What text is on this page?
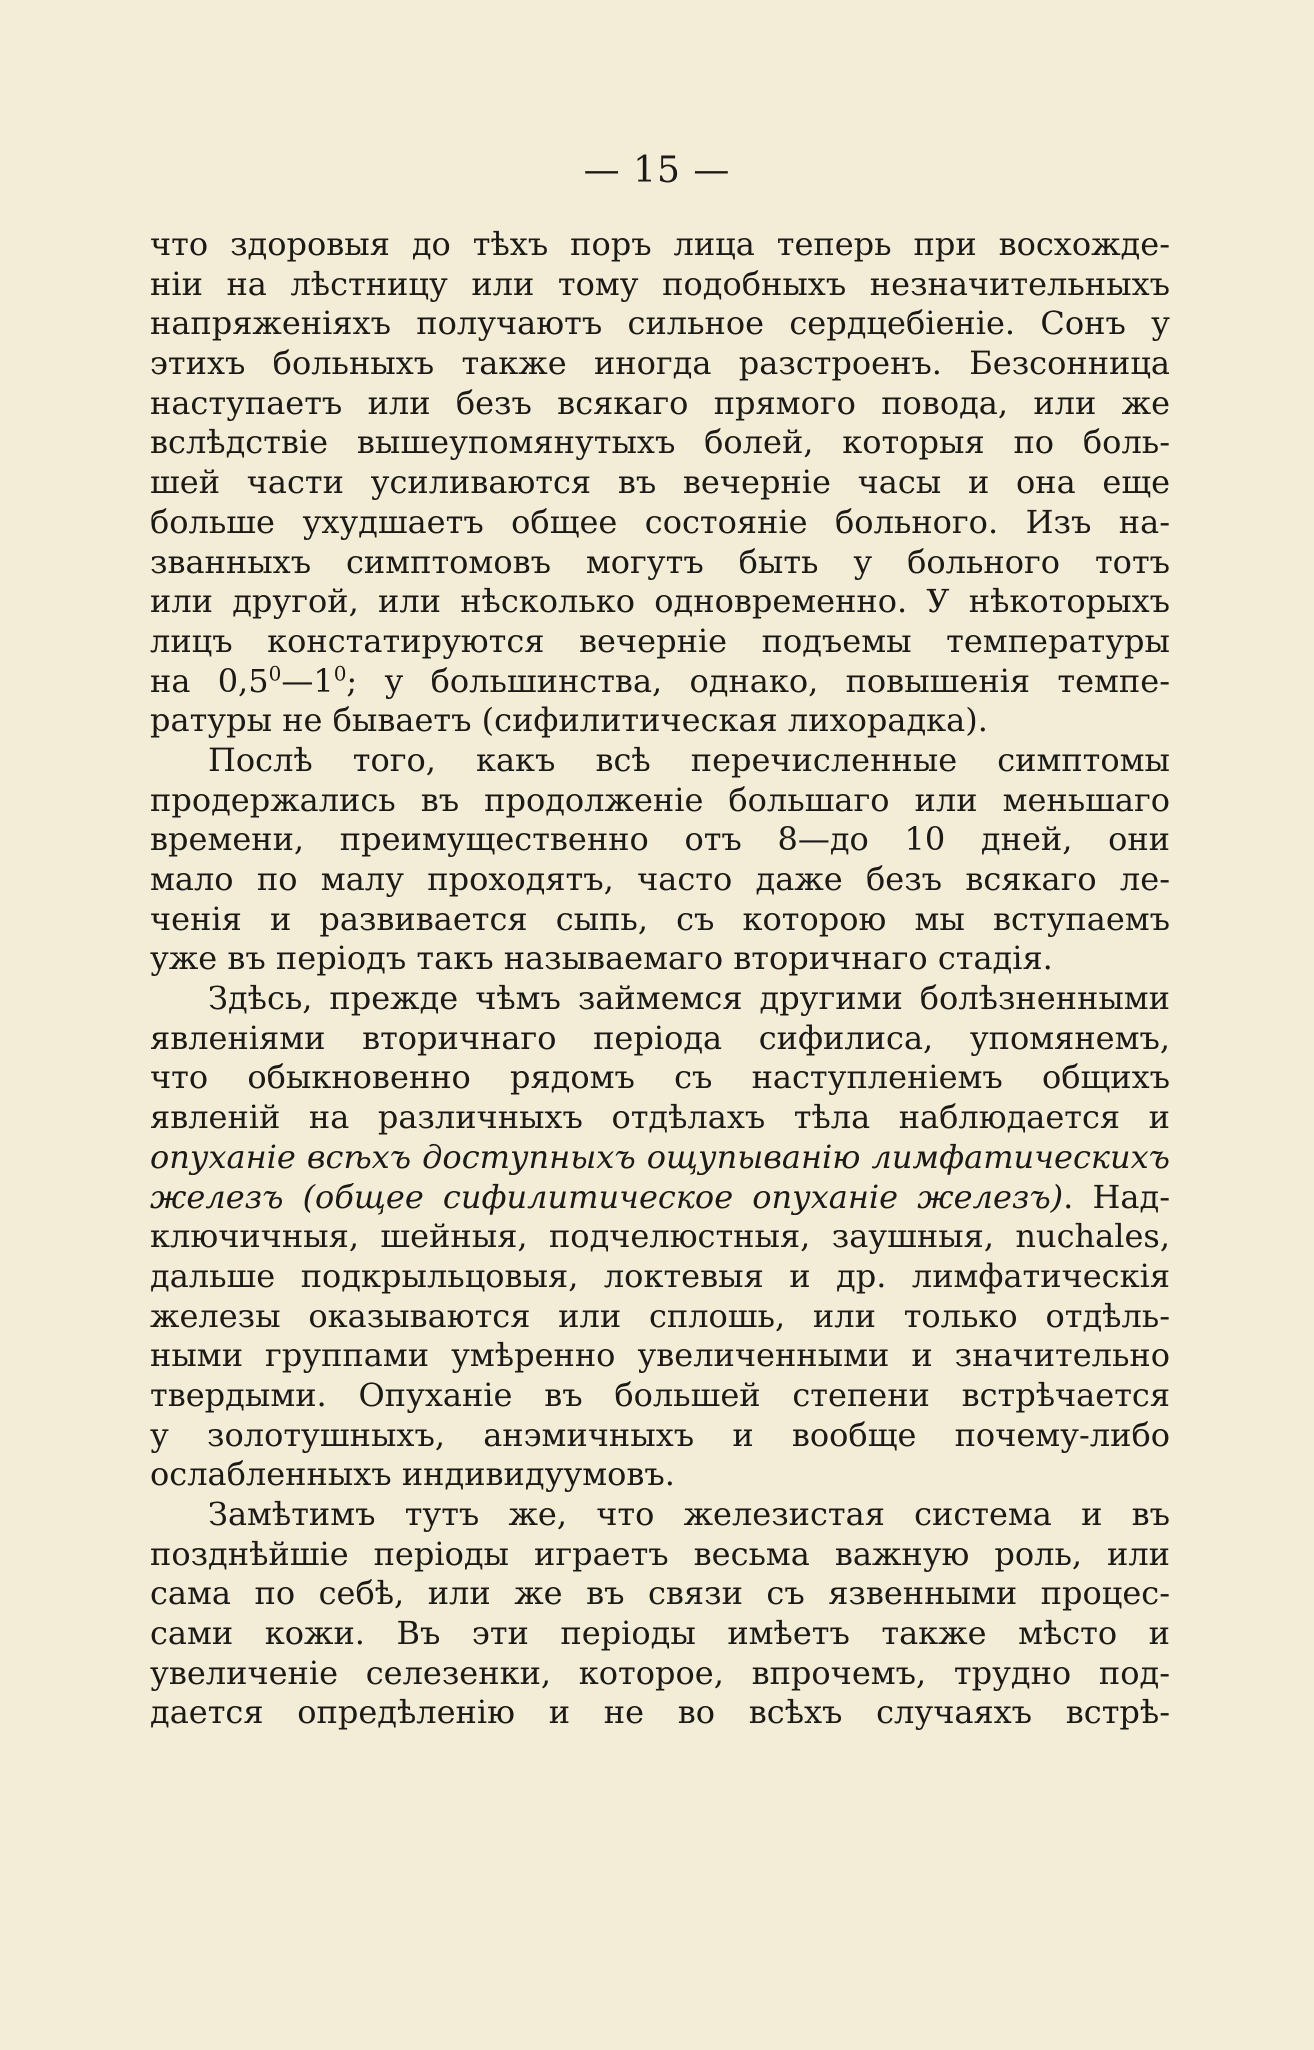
— 15 —
что здоровыя до тѣхъ поръ лица теперь при восхожде-
нiи на лѣстницу или тому подобныхъ незначительныхъ
напряженiяхъ получаютъ сильное сердцебiенiе. Сонъ у
этихъ больныхъ также иногда разстроенъ. Безсонница
наступаетъ или безъ всякаго прямого повода, или же
вслѣдствiе вышеупомянутыхъ болей, которыя по боль-
шей части усиливаются въ вечернiе часы и она еще
больше ухудшаетъ общее состоянiе больного. Изъ на-
званныхъ симптомовъ могутъ быть у больного тотъ
или другой, или нѣсколько одновременно. У нѣкоторыхъ
лицъ констатируются вечернiе подъемы температуры
на $0,5^0—1^0$; у большинства, однако, повышенiя темпе-
ратуры не бываетъ (сифилитическая лихорадка).
Послѣ того, какъ всѣ перечисленные симптомы
продержались въ продолженiе большаго или меньшаго
времени, преимущественно отъ 8—до 10 дней, они
мало по малу проходятъ, часто даже безъ всякаго ле-
ченiя и развивается сыпь, съ которою мы вступаемъ
уже въ перiодъ такъ называемаго вторичнаго стадiя.
Здѣсь, прежде чѣмъ займемся другими болѣзненными
явленiями вторичнаго перiода сифилиса, упомянемъ,
что обыкновенно рядомъ съ наступленiемъ общихъ
явленiй на различныхъ отдѣлахъ тѣла наблюдается и
опуханiе всѣхъ доступныхъ ощупыванiю лимфатическихъ
железъ (общее сифилитическое опуханiе железъ). Над-
ключичныя, шейныя, подчелюстныя, заушныя, nuchales,
дальше подкрыльцовыя, локтевыя и др. лимфатическiя
железы оказываются или сплошь, или только отдѣль-
ными группами умѣренно увеличенными и значительно
твердыми. Опуханiе въ большей степени встрѣчается
у золотушныхъ, анэмичныхъ и вообще почему-либо
ослабленныхъ индивидуумовъ.
Замѣтимъ тутъ же, что железистая система и въ
позднѣйшiе перiоды играетъ весьма важную роль, или
сама по себѣ, или же въ связи съ язвенными процес-
сами кожи. Въ эти перiоды имѣетъ также мѣсто и
увеличенiе селезенки, которое, впрочемъ, трудно под-
дается опредѣленiю и не во всѣхъ случаяхъ встрѣ-
